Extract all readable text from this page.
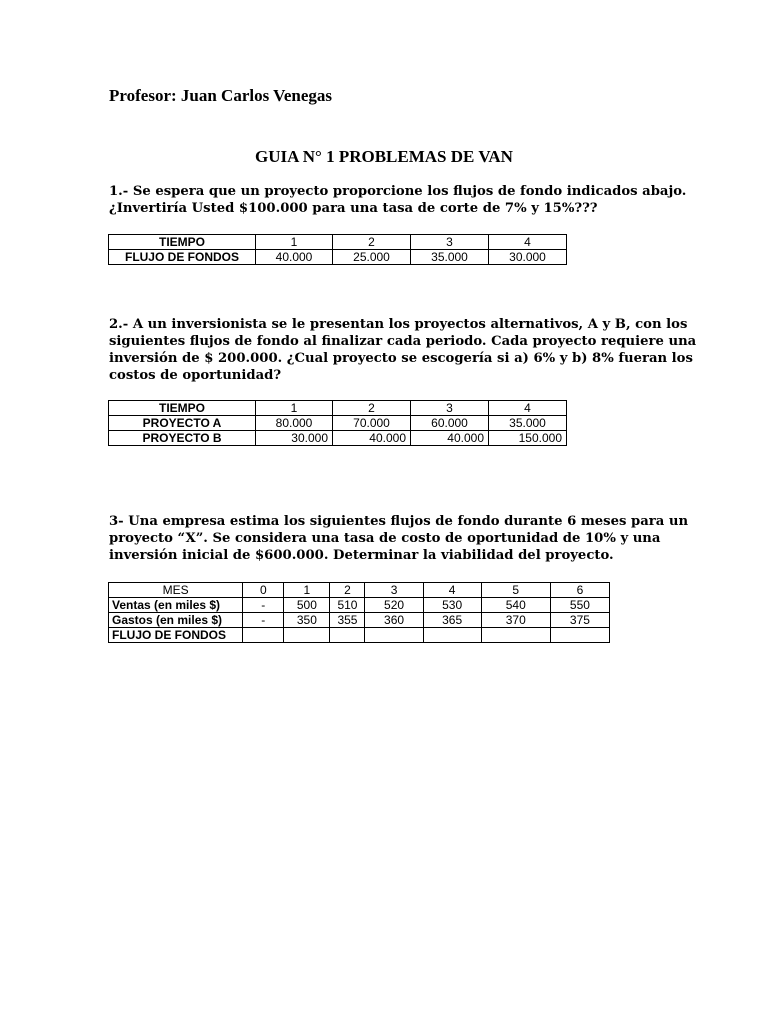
Profesor: Juan Carlos Venegas
GUIA N° 1 PROBLEMAS DE VAN
1.- Se espera que un proyecto proporcione los flujos de fondo indicados abajo.
¿Invertiría Usted $100.000 para una tasa de corte de 7% y 15%???
TIEMPO	1	2	3	4
FLUJO DE FONDOS	40.000	25.000	35.000	30.000
2.- A un inversionista se le presentan los proyectos alternativos, A y B, con los
siguientes flujos de fondo al finalizar cada periodo. Cada proyecto requiere una
inversión de $ 200.000. ¿Cual proyecto se escogería si a) 6% y b) 8% fueran los
costos de oportunidad?
TIEMPO	1	2	3	4
PROYECTO A	80.000	70.000	60.000	35.000
PROYECTO B	30.000	40.000	40.000	150.000
3- Una empresa estima los siguientes flujos de fondo durante 6 meses para un
proyecto “X”. Se considera una tasa de costo de oportunidad de 10% y una
inversión inicial de $600.000. Determinar la viabilidad del proyecto.
MES	0	1	2	3	4	5	6
Ventas (en miles $)	-	500	510	520	530	540	550
Gastos (en miles $)	-	350	355	360	365	370	375
FLUJO DE FONDOS							
